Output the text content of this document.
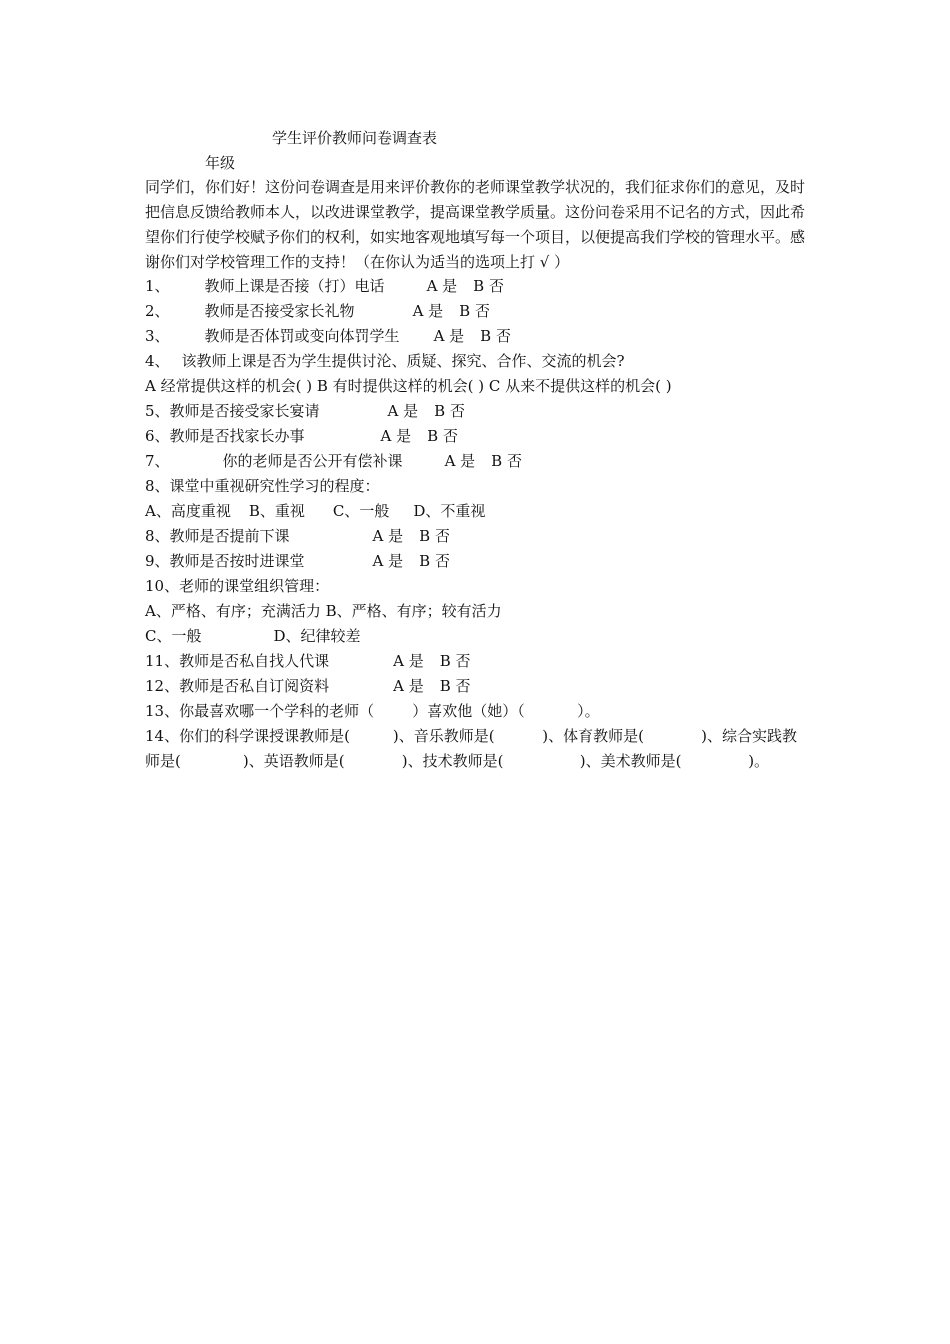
学生评价教师问卷调查表
年级
同学们，你们好！这份问卷调查是用来评价教你的老师课堂教学状况的，我们征求你们的意见，及时把信息反馈给教师本人，以改进课堂教学，提高课堂教学质量。这份问卷采用不记名的方式，因此希望你们行使学校赋予你们的权利，如实地客观地填写每一个项目，以便提高我们学校的管理水平。感谢你们对学校管理工作的支持！（在你认为适当的选项上打 √ ）
1、 教师上课是否接（打）电话	A 是 B 否
2、 教师是否接受家长礼物	A 是 B 否
3、 教师是否体罚或变向体罚学生 A 是 B 否
4、 该教师上课是否为学生提供讨沦、质疑、探究、合作、交流的机会?
A 经常提供这样的机会( ) B 有时提供这样的机会( ) C 从来不提供这样的机会( )
5、教师是否接受家长宴请	A 是 B 否
6、教师是否找家长办事	A 是 B 否
7、	你的老师是否公开有偿补课	A 是 B 否
8、课堂中重视研究性学习的程度：
A、高度重视 B、重视 C、一般 D、不重视
8、教师是否提前下课	A 是 B 否
9、教师是否按时进课堂	A 是 B 否
10、老师的课堂组织管理：
A、严格、有序；充满活力 B、严格、有序；较有活力
C、一般	D、纪律较差
11、教师是否私自找人代课	A 是 B 否
12、教师是否私自订阅资料	A 是 B 否
13、你最喜欢哪一个学科的老师（        ）喜欢他（她）（           ）。
14、你们的科学课授课教师是(         )、音乐教师是(          )、体育教师是(            )、综合实践教师是(             )、英语教师是(            )、技术教师是(                )、美术教师是(              )。
